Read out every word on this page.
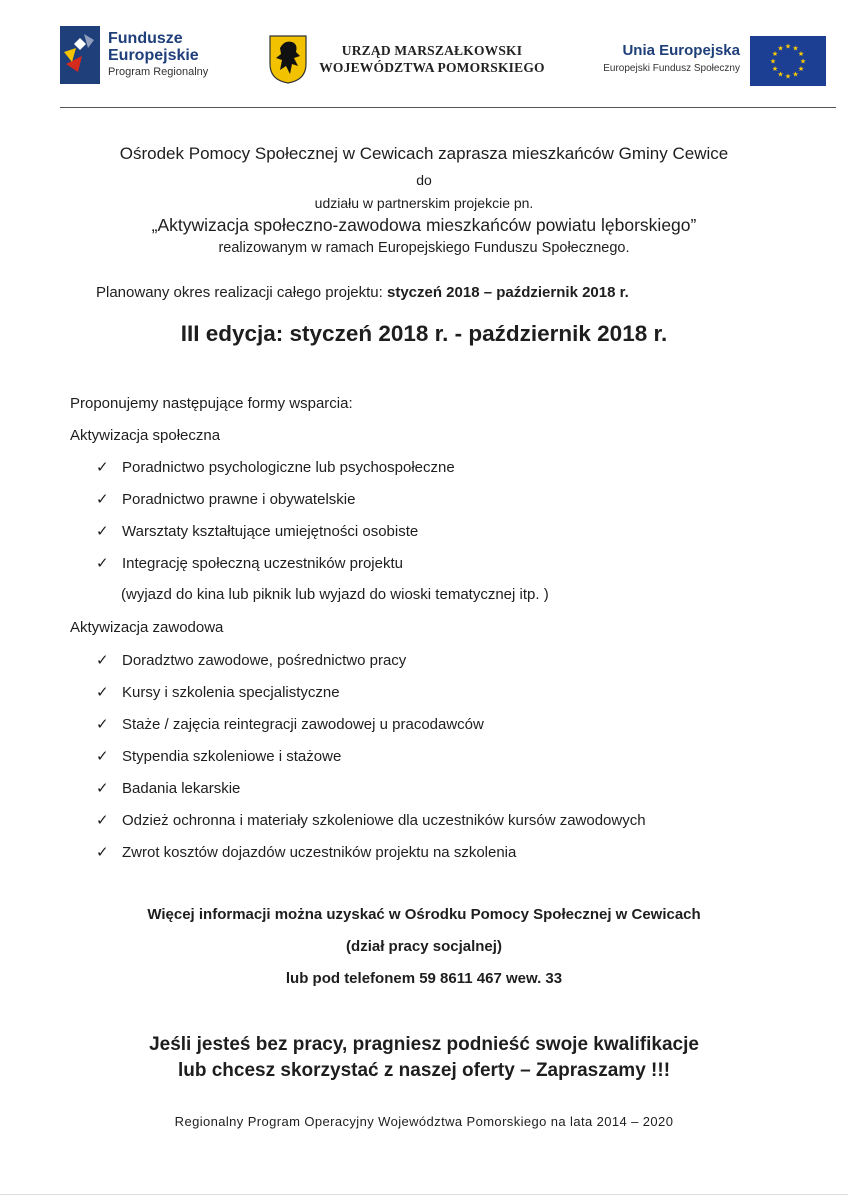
Fundusze
Europejskie
Program Regionalny
URZĄD MARSZAŁKOWSKI
WOJEWÓDZTWA POMORSKIEGO
Unia Europejska
Europejski Fundusz Społeczny
★ ★
★
★
★
★
★
★
★
★
★
★
Ośrodek Pomocy Społecznej w Cewicach zaprasza mieszkańców Gminy Cewice
do
udziału w partnerskim projekcie pn.
„Aktywizacja społeczno-zawodowa mieszkańców powiatu lęborskiego”
realizowanym w ramach Europejskiego Funduszu Społecznego.
Planowany okres realizacji całego projektu: styczeń 2018 – październik 2018 r.
III edycja: styczeń 2018 r. - październik 2018 r.
Proponujemy następujące formy wsparcia:
Aktywizacja społeczna
✓ Poradnictwo psychologiczne lub psychospołeczne
✓ Poradnictwo prawne i obywatelskie
✓ Warsztaty kształtujące umiejętności osobiste
✓ Integrację społeczną uczestników projektu
(wyjazd do kina lub piknik lub wyjazd do wioski tematycznej itp. )
Aktywizacja zawodowa
✓ Doradztwo zawodowe, pośrednictwo pracy
✓ Kursy i szkolenia specjalistyczne
✓ Staże / zajęcia reintegracji zawodowej u pracodawców
✓ Stypendia szkoleniowe i stażowe
✓ Badania lekarskie
✓ Odzież ochronna i materiały szkoleniowe dla uczestników kursów zawodowych
✓ Zwrot kosztów dojazdów uczestników projektu na szkolenia
Więcej informacji można uzyskać w Ośrodku Pomocy Społecznej w Cewicach
(dział pracy socjalnej)
lub pod telefonem 59 8611 467 wew. 33
Jeśli jesteś bez pracy, pragniesz podnieść swoje kwalifikacje
lub chcesz skorzystać z naszej oferty – Zapraszamy !!!
Regionalny Program Operacyjny Województwa Pomorskiego na lata 2014 – 2020
